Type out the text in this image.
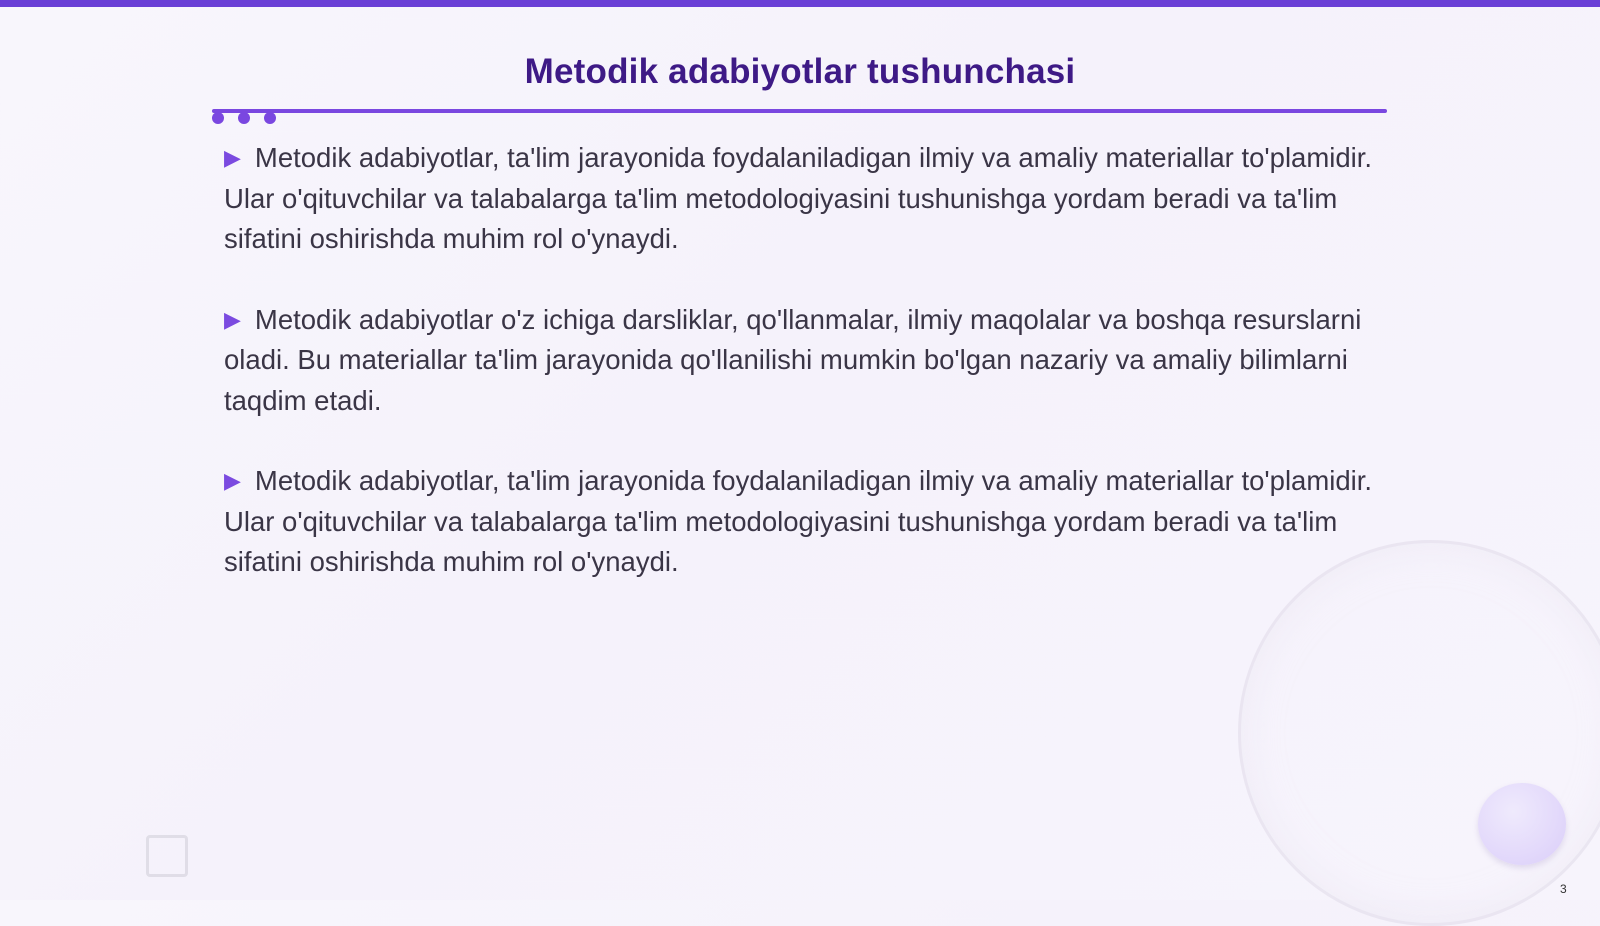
Metodik adabiyotlar tushunchasi

▶ Metodik adabiyotlar, ta'lim jarayonida foydalaniladigan ilmiy va amaliy materiallar to'plamidir. Ular o'qituvchilar va talabalarga ta'lim metodologiyasini tushunishga yordam beradi va ta'lim sifatini oshirishda muhim rol o'ynaydi.

▶ Metodik adabiyotlar o'z ichiga darsliklar, qo'llanmalar, ilmiy maqolalar va boshqa resurslarni oladi. Bu materiallar ta'lim jarayonida qo'llanilishi mumkin bo'lgan nazariy va amaliy bilimlarni taqdim etadi.

▶ Metodik adabiyotlar, ta'lim jarayonida foydalaniladigan ilmiy va amaliy materiallar to'plamidir. Ular o'qituvchilar va talabalarga ta'lim metodologiyasini tushunishga yordam beradi va ta'lim sifatini oshirishda muhim rol o'ynaydi.

3
